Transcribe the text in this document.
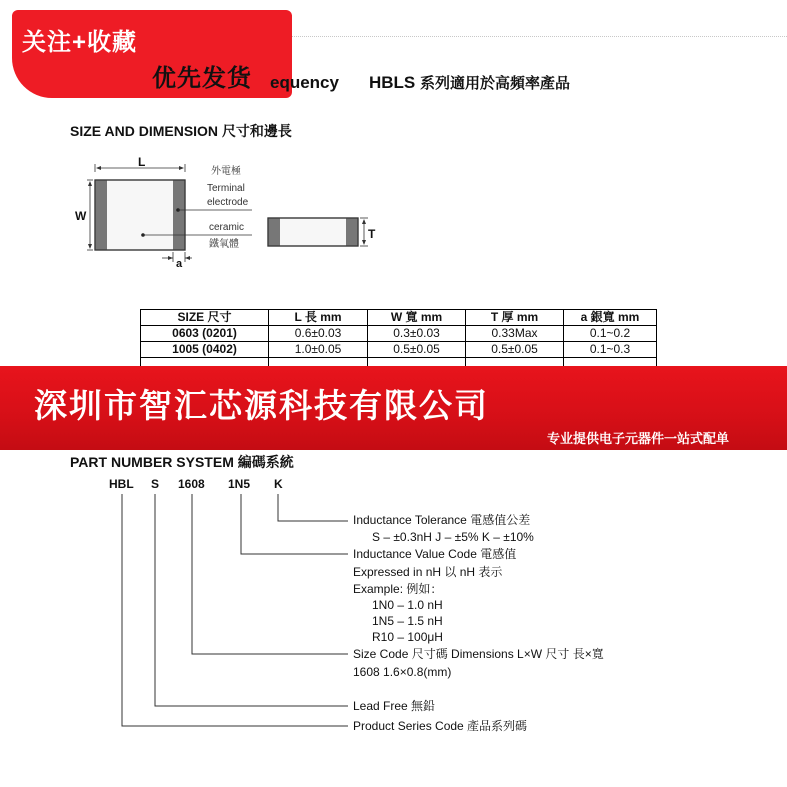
关注+收藏
优先发货 equency HBLS 系列適用於高頻率產品
SIZE AND DIMENSION 尺寸和邊長
L
W
T
a
外電極
Terminal
electrode
ceramic
鐵氧體
SIZE 尺寸	L 長 mm	W 寬 mm	T 厚 mm	a 銀寬 mm
0603 (0201)	0.6±0.03	0.3±0.03	0.33Max	0.1~0.2
1005 (0402)	1.0±0.05	0.5±0.05	0.5±0.05	0.1~0.3

深圳市智汇芯源科技有限公司
专业提供电子元器件一站式配单
PART NUMBER SYSTEM 編碼系統
HBL S 1608 1N5 K
Inductance Tolerance 電感值公差
S – ±0.3nH J – ±5% K – ±10%
Inductance Value Code 電感值
Expressed in nH 以 nH 表示
Example: 例如：
1N0 – 1.0 nH
1N5 – 1.5 nH
R10 – 100μH
Size Code 尺寸碼 Dimensions L×W 尺寸 長×寬
1608 1.6×0.8(mm)
Lead Free 無鉛
Product Series Code 產品系列碼
